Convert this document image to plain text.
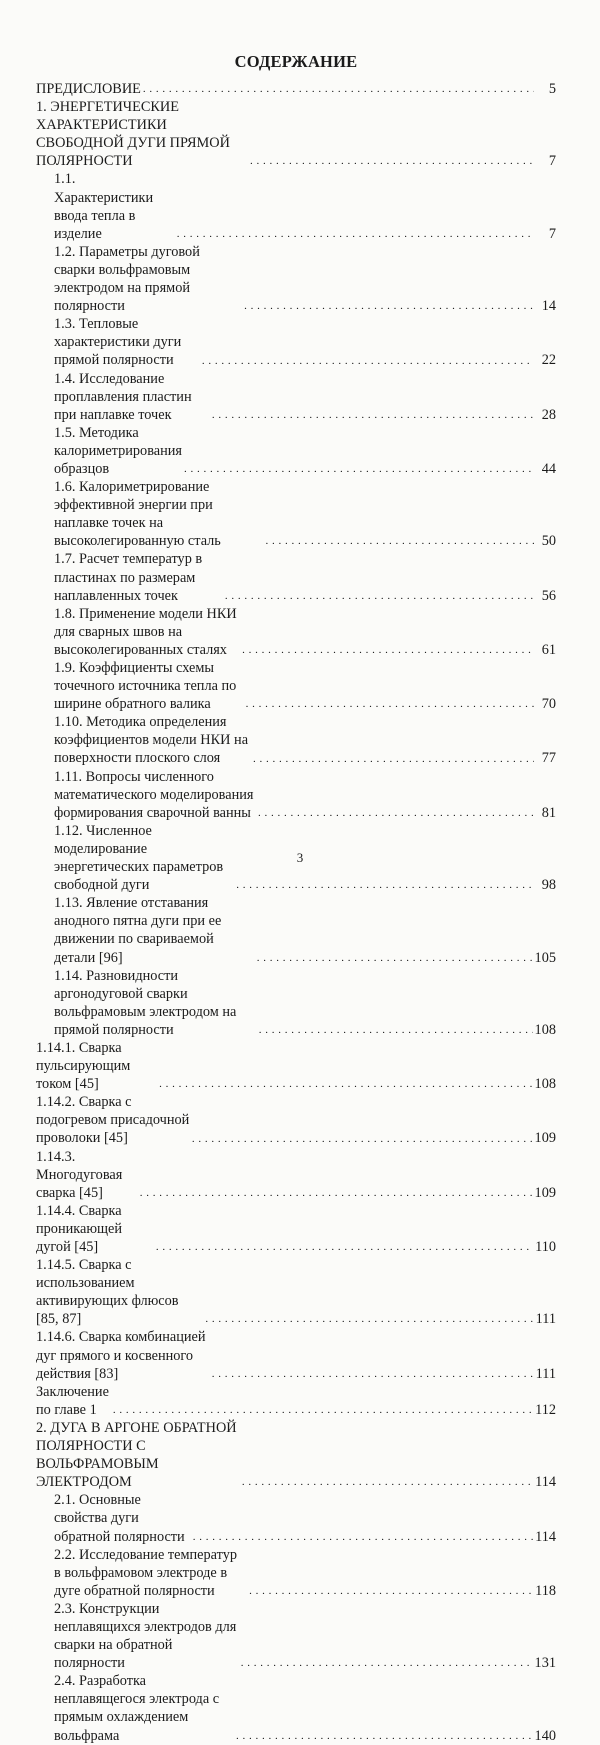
СОДЕРЖАНИЕ
ПРЕДИСЛОВИЕ . . .	5
1. ЭНЕРГЕТИЧЕСКИЕ ХАРАКТЕРИСТИКИ СВОБОДНОЙ ДУГИ ПРЯМОЙ ПОЛЯРНОСТИ . . .	7
1.1. Характеристики ввода тепла в изделие . . .	7
1.2. Параметры дуговой сварки вольфрамовым электродом на прямой полярности . . .	14
1.3. Тепловые характеристики дуги прямой полярности . . .	22
1.4. Исследование проплавления пластин при наплавке точек . . .	28
1.5. Методика калориметрирования образцов . . .	44
1.6. Калориметрирование эффективной энергии при наплавке точек на высоколегированную сталь . . .	50
1.7. Расчет температур в пластинах по размерам наплавленных точек . . .	56
1.8. Применение модели НКИ для сварных швов на высоколегированных сталях . . .	61
1.9. Коэффициенты схемы точечного источника тепла по ширине обратного валика . . .	70
1.10. Методика определения коэффициентов модели НКИ на поверхности плоского слоя . . .	77
1.11. Вопросы численного математического моделирования формирования сварочной ванны . . .	81
1.12. Численное моделирование энергетических параметров свободной дуги . . .	98
1.13. Явление отставания анодного пятна дуги при ее движении по свариваемой детали [96] . . .	105
1.14. Разновидности аргонодуговой сварки вольфрамовым электродом на прямой полярности . . .	108
1.14.1. Сварка пульсирующим током [45] . . .	108
1.14.2. Сварка с подогревом присадочной проволоки [45] . . .	109
1.14.3. Многодуговая сварка [45] . . .	109
1.14.4. Сварка проникающей дугой [45] . . .	110
1.14.5. Сварка с использованием активирующих флюсов [85, 87] . . .	111
1.14.6. Сварка комбинацией дуг прямого и косвенного действия [83] . . .	111
Заключение по главе 1 . . .	112
2. ДУГА В АРГОНЕ ОБРАТНОЙ ПОЛЯРНОСТИ С ВОЛЬФРАМОВЫМ ЭЛЕКТРОДОМ . . .	114
2.1. Основные свойства дуги обратной полярности . . .	114
2.2. Исследование температур в вольфрамовом электроде в дуге обратной полярности . . .	118
2.3. Конструкции неплавящихся электродов для сварки на обратной полярности . . .	131
2.4. Разработка неплавящегося электрода с прямым охлаждением вольфрама . . .	140
3
